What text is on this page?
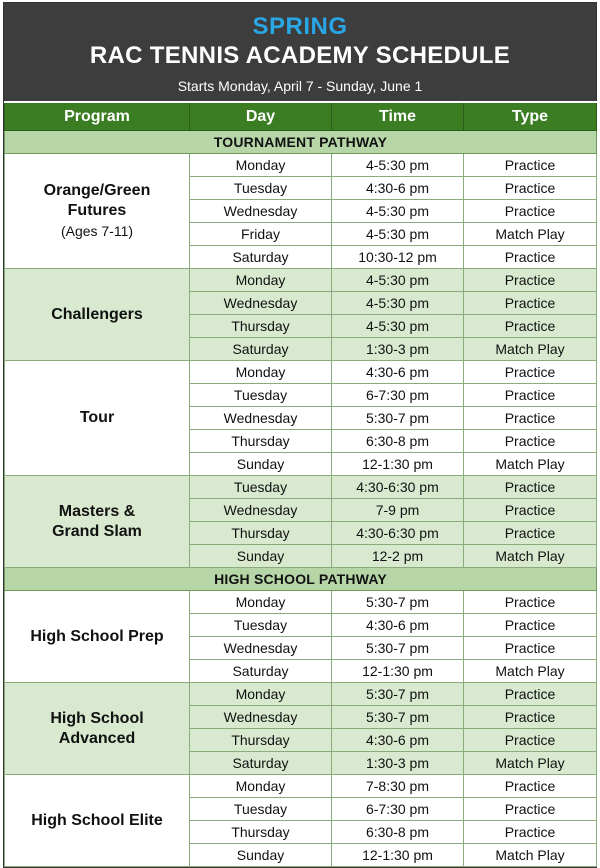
SPRING
RAC TENNIS ACADEMY SCHEDULE
Starts Monday, April 7 - Sunday, June 1
Program	Day	Time	Type
TOURNAMENT PATHWAY			
Orange/Green
Futures
(Ages 7-11)	Monday	4-5:30 pm	Practice
	Tuesday	4:30-6 pm	Practice
	Wednesday	4-5:30 pm	Practice
	Friday	4-5:30 pm	Match Play
	Saturday	10:30-12 pm	Practice
Challengers	Monday	4-5:30 pm	Practice
	Wednesday	4-5:30 pm	Practice
	Thursday	4-5:30 pm	Practice
	Saturday	1:30-3 pm	Match Play
Tour	Monday	4:30-6 pm	Practice
	Tuesday	6-7:30 pm	Practice
	Wednesday	5:30-7 pm	Practice
	Thursday	6:30-8 pm	Practice
	Sunday	12-1:30 pm	Match Play
Masters &
Grand Slam	Tuesday	4:30-6:30 pm	Practice
	Wednesday	7-9 pm	Practice
	Thursday	4:30-6:30 pm	Practice
	Sunday	12-2 pm	Match Play
HIGH SCHOOL PATHWAY			
High School Prep	Monday	5:30-7 pm	Practice
	Tuesday	4:30-6 pm	Practice
	Wednesday	5:30-7 pm	Practice
	Saturday	12-1:30 pm	Match Play
High School
Advanced	Monday	5:30-7 pm	Practice
	Wednesday	5:30-7 pm	Practice
	Thursday	4:30-6 pm	Practice
	Saturday	1:30-3 pm	Match Play
High School Elite	Monday	7-8:30 pm	Practice
	Tuesday	6-7:30 pm	Practice
	Thursday	6:30-8 pm	Practice
	Sunday	12-1:30 pm	Match Play
